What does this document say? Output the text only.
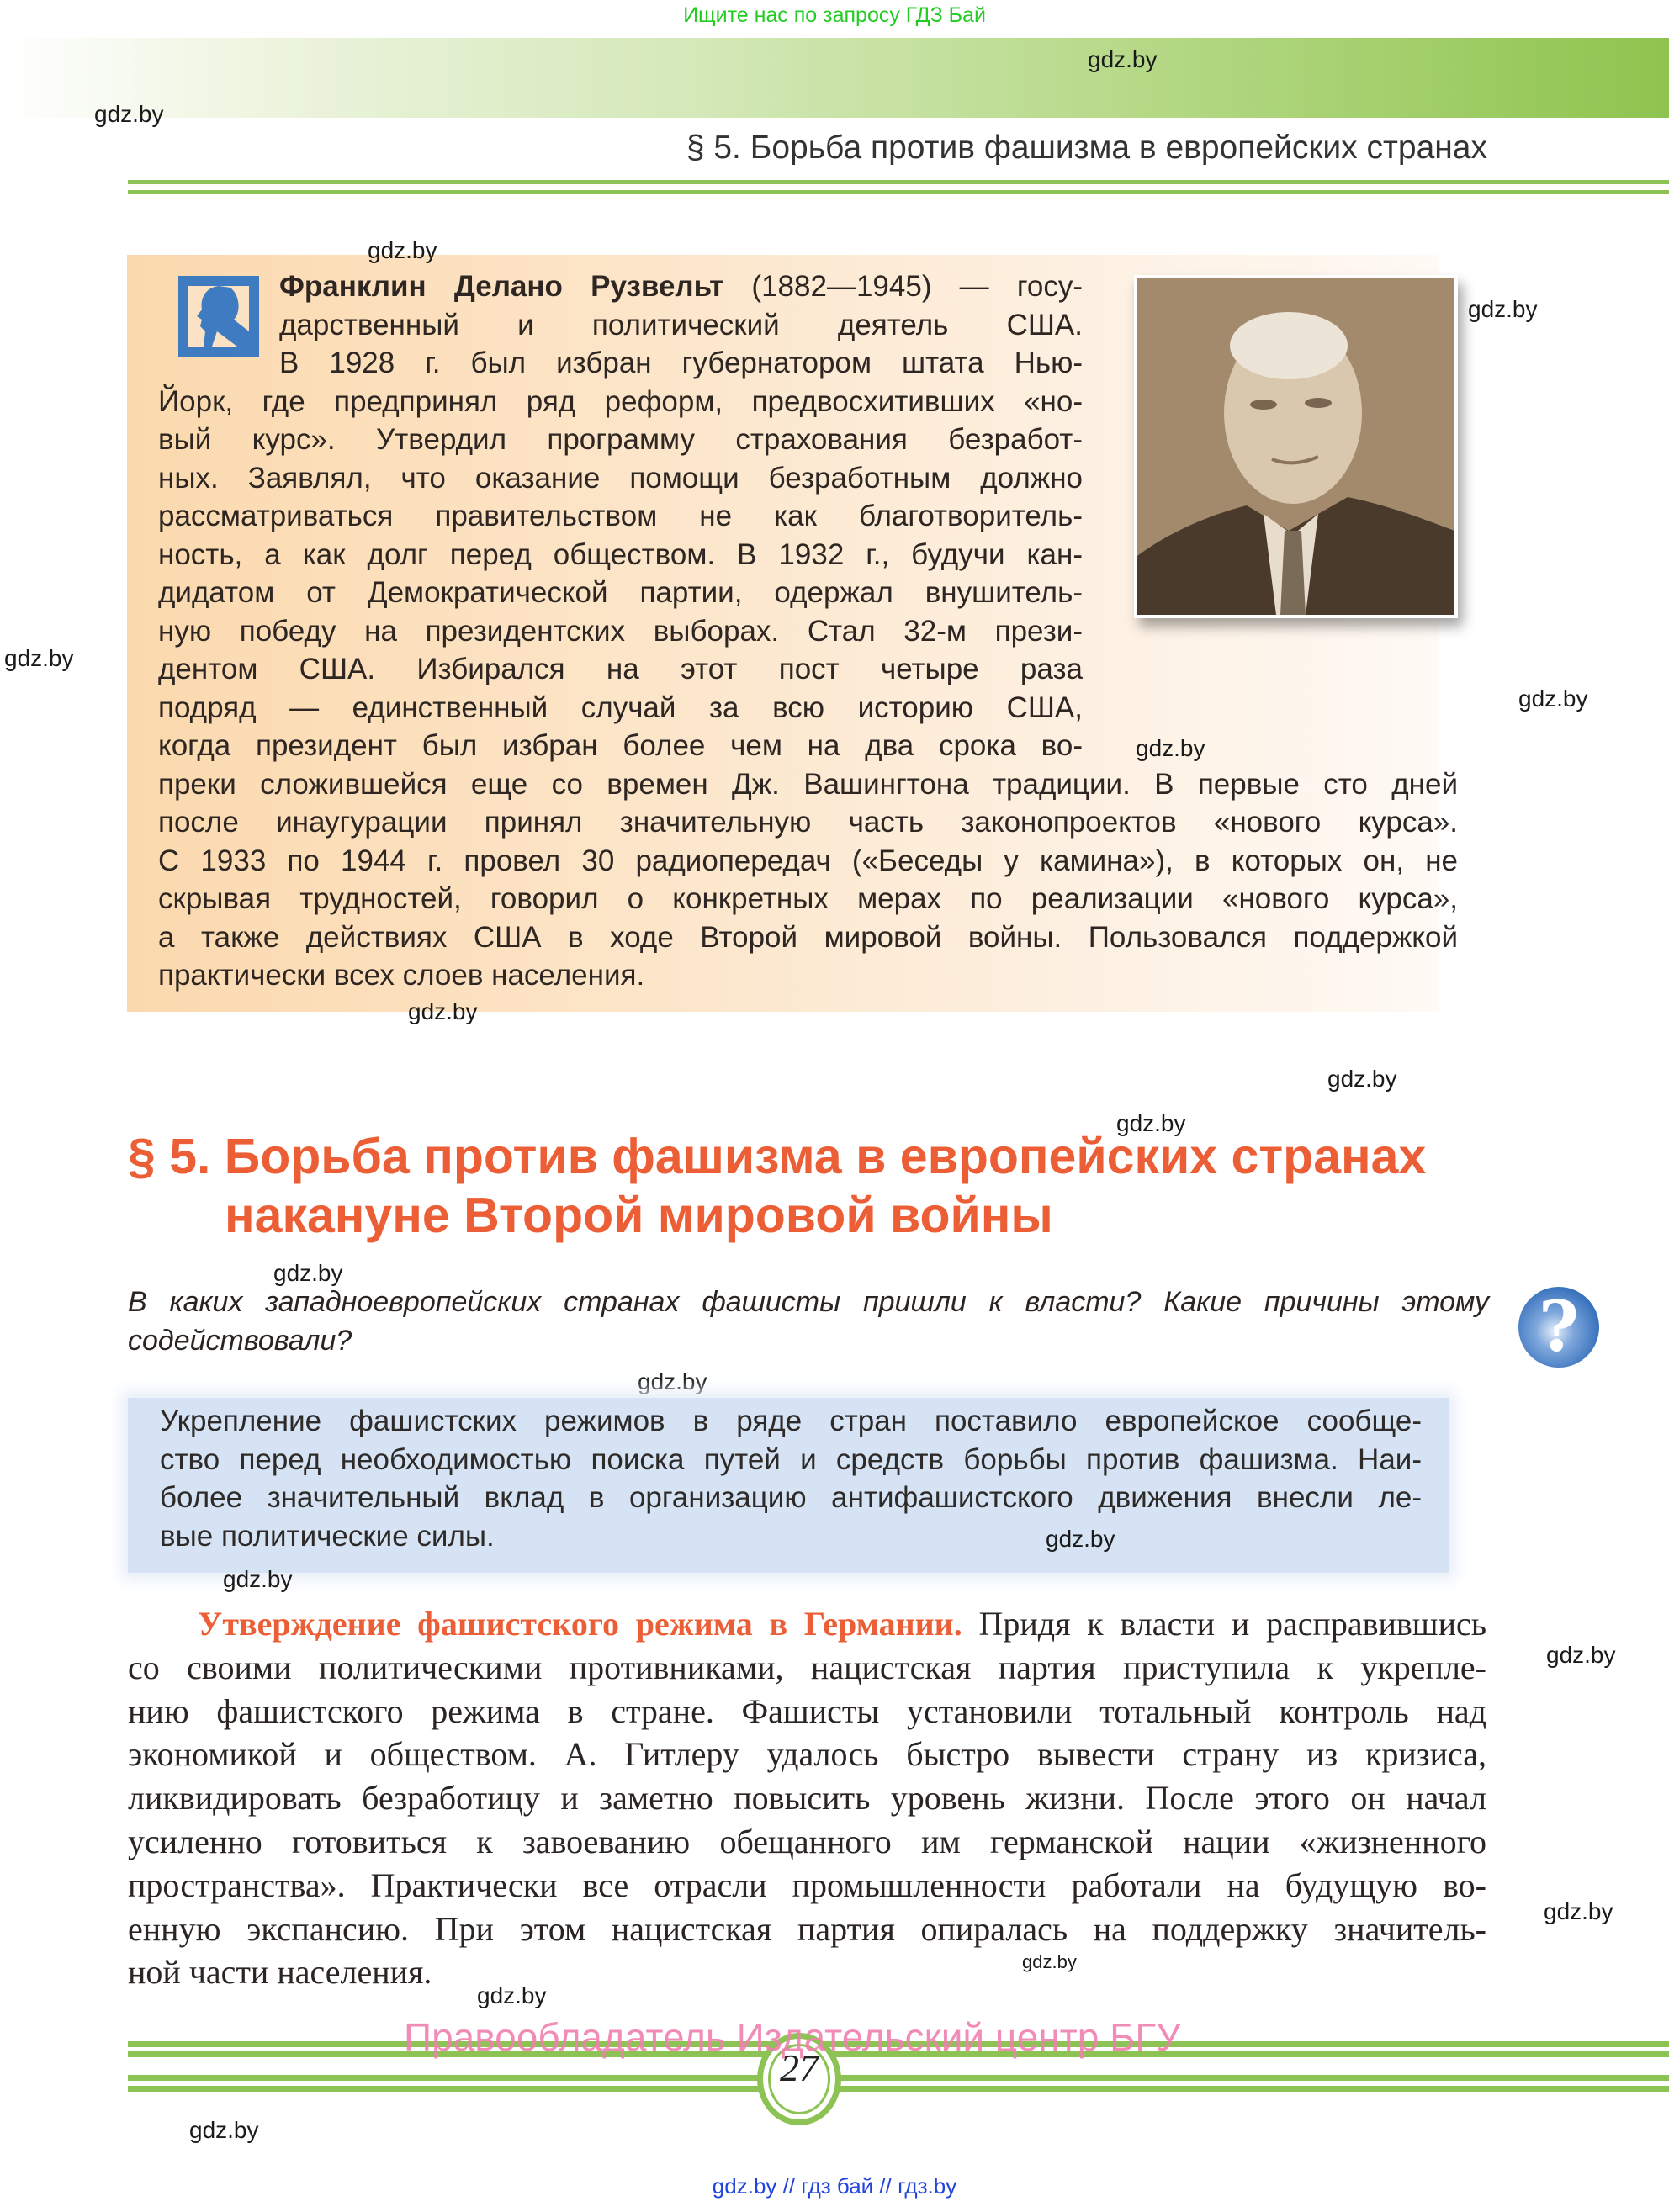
Ищите нас по запросу ГДЗ Бай
gdz.by
gdz.by
§ 5. Борьба против фашизма в европейских странах
gdz.by
gdz.by
gdz.by
gdz.by
gdz.by
Франклин Делано Рузвельт (1882—1945) — госу-
дарственный и политический деятель США.
В 1928 г. был избран губернатором штата Нью-
Йорк, где предпринял ряд реформ, предвосхитивших «но-
вый курс». Утвердил программу страхования безработ-
ных. Заявлял, что оказание помощи безработным должно
рассматриваться правительством не как благотворитель-
ность, а как долг перед обществом. В 1932 г., будучи кан-
дидатом от Демократической партии, одержал внушитель-
ную победу на президентских выборах. Стал 32-м прези-
дентом США. Избирался на этот пост четыре раза
подряд — единственный случай за всю историю США,
когда президент был избран более чем на два срока во-
преки сложившейся еще со времен Дж. Вашингтона традиции. В первые сто дней
после инаугурации принял значительную часть законопроектов «нового курса».
С 1933 по 1944 г. провел 30 радиопередач («Беседы у камина»), в которых он, не
скрывая трудностей, говорил о конкретных мерах по реализации «нового курса»,
а также действиях США в ходе Второй мировой войны. Пользовался поддержкой
практически всех слоев населения.
gdz.by
gdz.by
gdz.by
§ 5. Борьба против фашизма в европейских странах
накануне Второй мировой войны
gdz.by
В каких западноевропейских странах фашисты пришли к власти? Какие причины этому содействовали?	?
gdz.by
Укрепление фашистских режимов в ряде стран поставило европейское сообще-
ство перед необходимостью поиска путей и средств борьбы против фашизма. Наи-
более значительный вклад в организацию антифашистского движения внесли ле-
вые политические силы.	gdz.by
gdz.by
Утверждение фашистского режима в Германии. Придя к власти и расправившись
со своими политическими противниками, нацистская партия приступила к укрепле-
нию фашистского режима в стране. Фашисты установили тотальный контроль над
экономикой и обществом. А. Гитлеру удалось быстро вывести страну из кризиса,
ликвидировать безработицу и заметно повысить уровень жизни. После этого он начал
усиленно готовиться к завоеванию обещанного им германской нации «жизненного
пространства». Практически все отрасли промышленности работали на будущую во-
енную экспансию. При этом нацистская партия опиралась на поддержку значитель-
ной части населения.
gdz.by
gdz.by
gdz.by
gdz.by
27
Правообладатель Издательский центр БГУ
gdz.by
gdz.by // гдз бай // гдз.by
